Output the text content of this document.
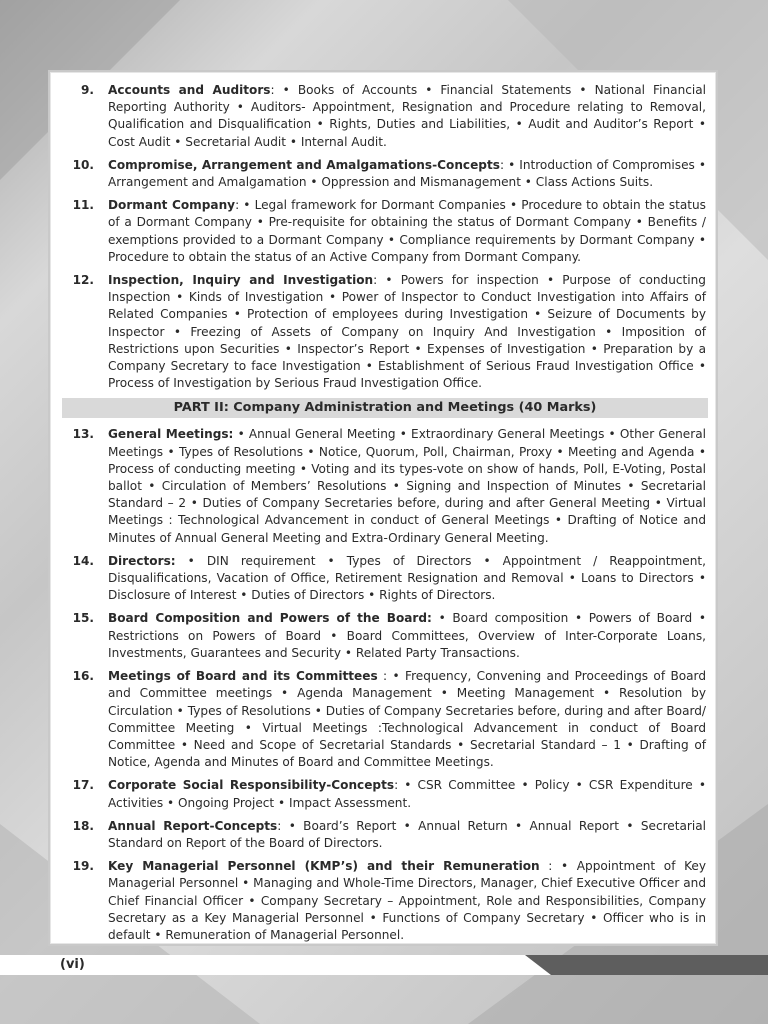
9.	Accounts and Auditors: • Books of Accounts • Financial Statements • National Financial Reporting Authority • Auditors- Appointment, Resignation and Procedure relating to Removal, Qualification and Disqualification • Rights, Duties and Liabilities, • Audit and Auditor’s Report • Cost Audit • Secretarial Audit • Internal Audit.
10.	Compromise, Arrangement and Amalgamations-Concepts: • Introduction of Compromises • Arrangement and Amalgamation • Oppression and Mismanagement • Class Actions Suits.
11.	Dormant Company: • Legal framework for Dormant Companies • Procedure to obtain the status of a Dormant Company • Pre-requisite for obtaining the status of Dormant Company • Benefits / exemptions provided to a Dormant Company • Compliance requirements by Dormant Company • Procedure to obtain the status of an Active Company from Dormant Company.
12.	Inspection, Inquiry and Investigation: • Powers for inspection • Purpose of conducting Inspection • Kinds of Investigation • Power of Inspector to Conduct Investigation into Affairs of Related Companies • Protection of employees during Investigation • Seizure of Documents by Inspector • Freezing of Assets of Company on Inquiry And Investigation • Imposition of Restrictions upon Securities • Inspector’s Report • Expenses of Investigation • Preparation by a Company Secretary to face Investigation • Establishment of Serious Fraud Investigation Office • Process of Investigation by Serious Fraud Investigation Office.
PART II: Company Administration and Meetings (40 Marks)
13.	General Meetings: • Annual General Meeting • Extraordinary General Meetings • Other General Meetings • Types of Resolutions • Notice, Quorum, Poll, Chairman, Proxy • Meeting and Agenda • Process of conducting meeting • Voting and its types-vote on show of hands, Poll, E-Voting, Postal ballot • Circulation of Members’ Resolutions • Signing and Inspection of Minutes • Secretarial Standard – 2 • Duties of Company Secretaries before, during and after General Meeting • Virtual Meetings : Technological Advancement in conduct of General Meetings • Drafting of Notice and Minutes of Annual General Meeting and Extra-Ordinary General Meeting.
14.	Directors: • DIN requirement • Types of Directors • Appointment / Reappointment, Disqualifications, Vacation of Office, Retirement Resignation and Removal • Loans to Directors • Disclosure of Interest • Duties of Directors • Rights of Directors.
15.	Board Composition and Powers of the Board: • Board composition • Powers of Board • Restrictions on Powers of Board • Board Committees, Overview of Inter-Corporate Loans, Investments, Guarantees and Security • Related Party Transactions.
16.	Meetings of Board and its Committees : • Frequency, Convening and Proceedings of Board and Committee meetings • Agenda Management • Meeting Management • Resolution by Circulation • Types of Resolutions • Duties of Company Secretaries before, during and after Board/ Committee Meeting • Virtual Meetings :Technological Advancement in conduct of Board Committee • Need and Scope of Secretarial Standards • Secretarial Standard – 1 • Drafting of Notice, Agenda and Minutes of Board and Committee Meetings.
17.	Corporate Social Responsibility-Concepts: • CSR Committee • Policy • CSR Expenditure • Activities • Ongoing Project • Impact Assessment.
18.	Annual Report-Concepts: • Board’s Report • Annual Return • Annual Report • Secretarial Standard on Report of the Board of Directors.
19.	Key Managerial Personnel (KMP’s) and their Remuneration : • Appointment of Key Managerial Personnel • Managing and Whole-Time Directors, Manager, Chief Executive Officer and Chief Financial Officer • Company Secretary – Appointment, Role and Responsibilities, Company Secretary as a Key Managerial Personnel • Functions of Company Secretary • Officer who is in default • Remuneration of Managerial Personnel.
(vi)
